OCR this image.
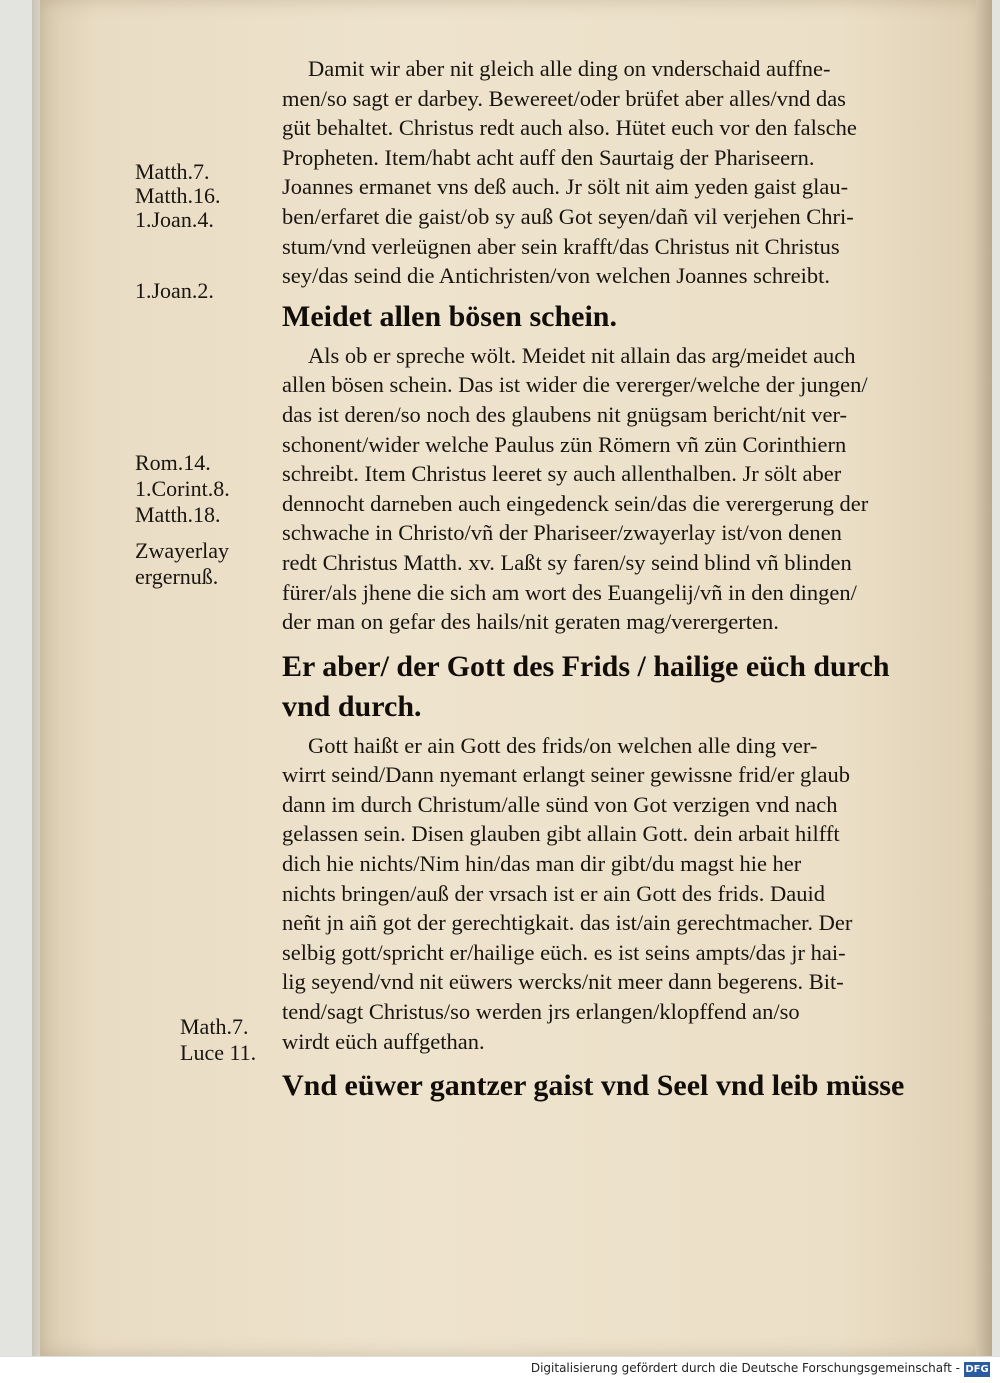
Matth.7.
Matth.16.
1.Joan.4.
1.Joan.2.
Rom.14.
1.Corint.8.
Matth.18.
Zwayerlay
ergernuß.
Math.7.
Luce 11.
Damit wir aber nit gleich alle ding on vnderschaid auffne-
men/so sagt er darbey. Bewereet/oder brüfet aber alles/vnd das
güt behaltet. Christus redt auch also. Hütet euch vor den falsche
Propheten. Item/habt acht auff den Saurtaig der Phariseern.
Joannes ermanet vns deß auch. Jr sölt nit aim yeden gaist glau-
ben/erfaret die gaist/ob sy auß Got seyen/dañ vil verjehen Chri-
stum/vnd verleügnen aber sein krafft/das Christus nit Christus
sey/das seind die Antichristen/von welchen Joannes schreibt.
Meidet allen bösen schein.
Als ob er spreche wölt. Meidet nit allain das arg/meidet auch
allen bösen schein. Das ist wider die vererger/welche der jungen/
das ist deren/so noch des glaubens nit gnügsam bericht/nit ver-
schonent/wider welche Paulus zün Römern vñ zün Corinthiern
schreibt. Item Christus leeret sy auch allenthalben. Jr sölt aber
dennocht darneben auch eingedenck sein/das die verergerung der
schwache in Christo/vñ der Phariseer/zwayerlay ist/von denen
redt Christus Matth. xv. Laßt sy faren/sy seind blind vñ blinden
fürer/als jhene die sich am wort des Euangelij/vñ in den dingen/
der man on gefar des hails/nit geraten mag/verergerten.
Er aber/ der Gott des Frids / hailige eüch durch
vnd durch.
Gott haißt er ain Gott des frids/on welchen alle ding ver-
wirrt seind/Dann nyemant erlangt seiner gewissne frid/er glaub
dann im durch Christum/alle sünd von Got verzigen vnd nach
gelassen sein. Disen glauben gibt allain Gott. dein arbait hilfft
dich hie nichts/Nim hin/das man dir gibt/du magst hie her
nichts bringen/auß der vrsach ist er ain Gott des frids. Dauid
neñt jn aiñ got der gerechtigkait. das ist/ain gerechtmacher. Der
selbig gott/spricht er/hailige eüch. es ist seins ampts/das jr hai-
lig seyend/vnd nit eüwers wercks/nit meer dann begerens. Bit-
tend/sagt Christus/so werden jrs erlangen/klopffend an/so
wirdt eüch auffgethan.
Vnd eüwer gantzer gaist vnd Seel vnd leib müsse
Digitalisierung gefördert durch die Deutsche Forschungsgemeinschaft - DFG
